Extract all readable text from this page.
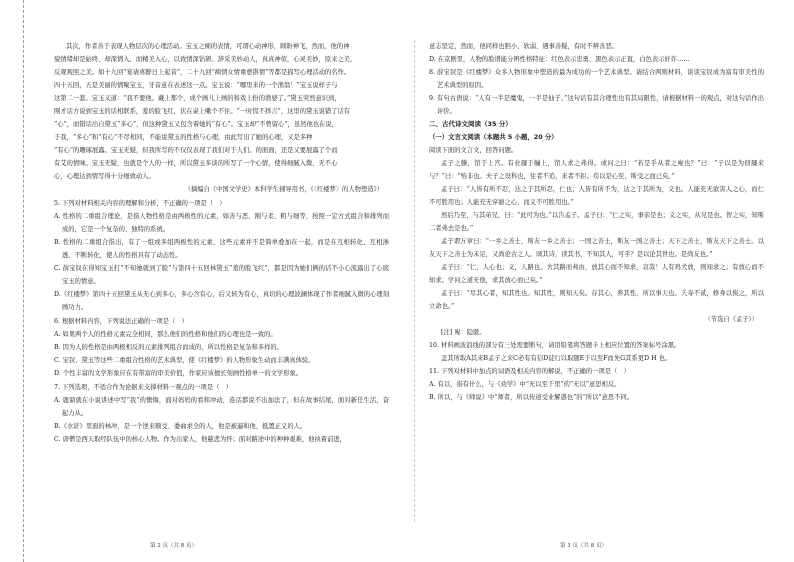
其次，作者善于表现人物层次的心理活动。宝玉之痴的表情，可谓心动神形，顾盼神飞，然而，他的神

貌情绪却是始终、却深情入，而精美入心，以致情深钻研。辞采美妙动人，真真神似，心灵美妙，原来之美，

反观观照之美。如十九回“宴请喜醉日上起音”，二十九回“痴情女情重愈斟情”等都是描写心理活动的名作。

四十五回，五是美丽的情聚宝玉，牙音意在表述这一点。宝玉说：“哪里来的一个渔翁！”宝玉说样子与

这第二一套。宝玉又道：“我不要他。戴上那个，成个画儿上画的和戏上扮的渔婆了。”黛玉突然意识到，

刚才话方说到宝玉的话相联系，羞的脸飞红，伏在桌上嗽个不住。“一时慌不择言”，这里的黛玉说错了话有

“心”，而错话出自黛玉“多心”，但这种黛玉又包含着她的“有心”。宝玉却“不曾留心”，虽然他也在说，

于我，“多心”和“有心”不尽相同，不能说黛玉的性格与心理，由此写出了她的心理，又是多种

“有心”的雕琢展露。宝玉无疑，但我所写的不仅仅表现了我们对于人们。的面面，还是又要展露了个而

有艾的情味。宝玉无疑，也就是个人的一样，所以黛玉多谈的所写了一个心情，使得细腻入微，无不心

心，心理达到情写得十分细致动人。

（摘编自《中国文学史》本科学生辅导用书，《〈红楼梦〉的人物塑造》）

5. 下列对材料相关内容的理解和分析，不正确的一项是（　）

A. 性格的二重组合理论，是指人物性格是由两极性的元素，如善与恶、刚与柔、粗与细等，按照一定方式组合和排列而成的，它是一个复杂的、独特的系统。

B. 性格的二重组合指出，有了一组或多组两极性的元素，这些元素并不是简单叠加在一起，而是在互相转化、互相渗透、不断转化，使人的性格具有了动态性。

C. 薛宝钗在得知宝玉打“不知她就到了脸”与第四十五回林黛玉“羞的脸飞红”，都是因为她们俩的话不小心流露出了心底宝玉的情意。

D.《红楼梦》第四十五回黛玉从无心到多心，多心含有心，后又转为有心，真切的心理波澜体现了作者细腻入微的心理刻画功力。

6. 根据材料内容，下列说法正确的一项是（　）

A. 如果两个人的性格元素完全相同，那么他们的性格和他们的心理也是一致的。

B. 因为人的性格是由两极相反的元素排列组合而成的，所以性格是复杂和多样的。

C. 宝钗、黛玉等这些二重组合性格的艺术典型，使《红楼梦》的人物形象生动而丰满真体验。

D. 个性丰富的文学形象应在有带富的审美价值，作家应该擅长刻画性格单一的文学形象。

7. 下列选项，不适合作为论据来支撑材料一观点的一项是（　）

A. 鹿鼎就在小说讲述中写“我”的懊悔，面对妈妈的看和冲动，连话都说不出加法了，但在故事结尾，面对新任生活，奋起力从。

B.《水浒》里面的林冲，是一个逆来顺受、委曲求全的人，他是被逼和他，抵置正义的人。

C. 唐僧是西天取经队伍中的核心人物。作为出家人，他慈悲为怀；面对路途中的种种艰难，他执着前进，

意志坚定，然而，他同样也胆小、软弱、遇事善疑，有时不辨善恶。

D. 在京剧里，人物的脸谱能分辨性格特征：红色表示忠勇，黑色表示正直，白色表示奸诈……

8. 薛宝钗是《红楼梦》众多人物形象中塑造的最为成功的一个艺术典型。请结合两则材料，谈谈宝钗成为富有审美性的艺术典型的原因。

9. 有句古语说：“人有一半是魔鬼，一半是仙子。”这句话有其合理性也有其局限性，请根据材料一的观点，对这句话作出评价。

二、古代诗文阅读（35 分）

（一）文言文阅读（本题共 5 小题，20 分）

阅读下面的文言文，回答问题。

孟子之滕，馆于上宫。有业屦于牖上，馆人求之弗得。或问之曰：“若是乎从者之廋也？”曰：“子以是为窃屦来与？”曰：“殆非也。夫子之设科也，往者不追，来者不拒。苟以是心至，斯受之而已矣。”

孟子曰：“人皆有所不忍，达之于其所忍，仁也；人皆有所不为，达之于其所为，义也。人能充无欲害人之心，而仁不可胜用也；人能充无穿窬之心，而义不可胜用也。”

然后乃至，与其弟兄，曰：“此可为也。”以告孟子。孟子曰：“仁之实，事亲是也；义之实，从兄是也。智之实，知斯二者弗去是也。”

孟子谓万章曰：“一乡之善士，斯友一乡之善士；一国之善士，斯友一国之善士；天下之善士，斯友天下之善士。以友天下之善士为未足，又尚论古之人。颂其诗，读其书，不知其人，可乎？是以论其世也。是尚友也。”

孟子曰：“仁，人心也；义，人路也。舍其路而弗由，放其心而不知求，哀哉！人有鸡犬放，则知求之；有放心而不知求。学问之道无他，求其放心而已矣。”

孟子曰：“尽其心者，知其性也。知其性，则知天矣。存其心，养其性，所以事天也。夭寿不贰，修身以俟之，所以立命也。”

（节选自《孟子》）

[注] 廋：隐匿。

10. 材料画波浪线的部分有三处需要断句，请用铅笔将答题卡上相应位置的答案标号涂黑。

盖其所取A其来B孟子之来C必有有信D徒行以取随E于以至F而先G其系更D H 也。

11. 下列对材料中加点的词语及相关内容的解说，不正确的一项是（　）

A. 有以，指有什么，与《劝学》中“无以至千里”的“无以”意思相反。

B. 所以，与《师说》中“师者，所以传道受业解惑也”的“所以”意思不同。

第 2 页（共 8 页）	第 3 页（共 8 页）
